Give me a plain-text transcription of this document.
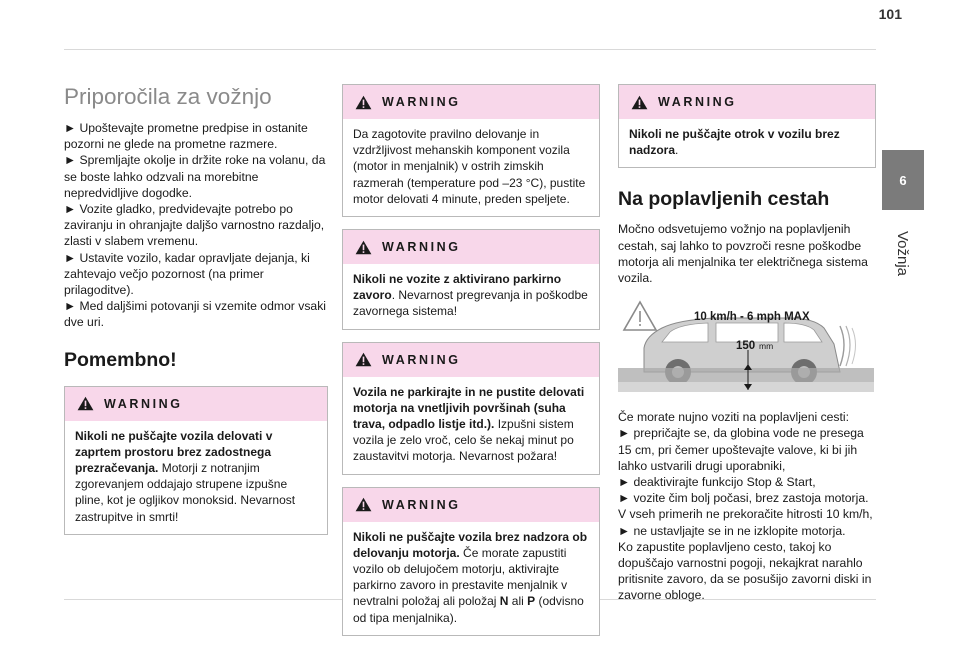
101
6
Vožnja
Priporočila za vožnjo
► Upoštevajte prometne predpise in ostanite pozorni ne glede na prometne razmere.
► Spremljajte okolje in držite roke na volanu, da se boste lahko odzvali na morebitne nepredvidljive dogodke.
► Vozite gladko, predvidevajte potrebo po zaviranju in ohranjajte daljšo varnostno razdaljo, zlasti v slabem vremenu.
► Ustavite vozilo, kadar opravljate dejanja, ki zahtevajo večjo pozornost (na primer prilagoditve).
► Med daljšimi potovanji si vzemite odmor vsaki dve uri.
Pomembno!
WARNING
Nikoli ne puščajte vozila delovati v zaprtem prostoru brez zadostnega prezračevanja. Motorji z notranjim zgorevanjem oddajajo strupene izpušne pline, kot je ogljikov monoksid. Nevarnost zastrupitve in smrti!
WARNING
Da zagotovite pravilno delovanje in vzdržljivost mehanskih komponent vozila (motor in menjalnik) v ostrih zimskih razmerah (temperature pod –23 °C), pustite motor delovati 4 minute, preden speljete.
WARNING
Nikoli ne vozite z aktivirano parkirno zavoro. Nevarnost pregrevanja in poškodbe zavornega sistema!
WARNING
Vozila ne parkirajte in ne pustite delovati motorja na vnetljivih površinah (suha trava, odpadlo listje itd.). Izpušni sistem vozila je zelo vroč, celo še nekaj minut po zaustavitvi motorja. Nevarnost požara!
WARNING
Nikoli ne puščajte vozila brez nadzora ob delovanju motorja. Če morate zapustiti vozilo ob delujočem motorju, aktivirajte parkirno zavoro in prestavite menjalnik v nevtralni položaj ali položaj N ali P (odvisno od tipa menjalnika).
WARNING
Nikoli ne puščajte otrok v vozilu brez nadzora.
Na poplavljenih cestah
Močno odsvetujemo vožnjo na poplavljenih cestah, saj lahko to povzroči resne poškodbe motorja ali menjalnika ter električnega sistema vozila.
10 km/h - 6 mph MAX
150 mm
Če morate nujno voziti na poplavljeni cesti:
► prepričajte se, da globina vode ne presega 15 cm, pri čemer upoštevajte valove, ki bi jih lahko ustvarili drugi uporabniki,
► deaktivirajte funkcijo Stop & Start,
► vozite čim bolj počasi, brez zastoja motorja. V vseh primerih ne prekoračite hitrosti 10 km/h,
► ne ustavljajte se in ne izklopite motorja.
Ko zapustite poplavljeno cesto, takoj ko dopuščajo varnostni pogoji, nekajkrat narahlo pritisnite zavoro, da se posušijo zavorni diski in zavorne obloge.
